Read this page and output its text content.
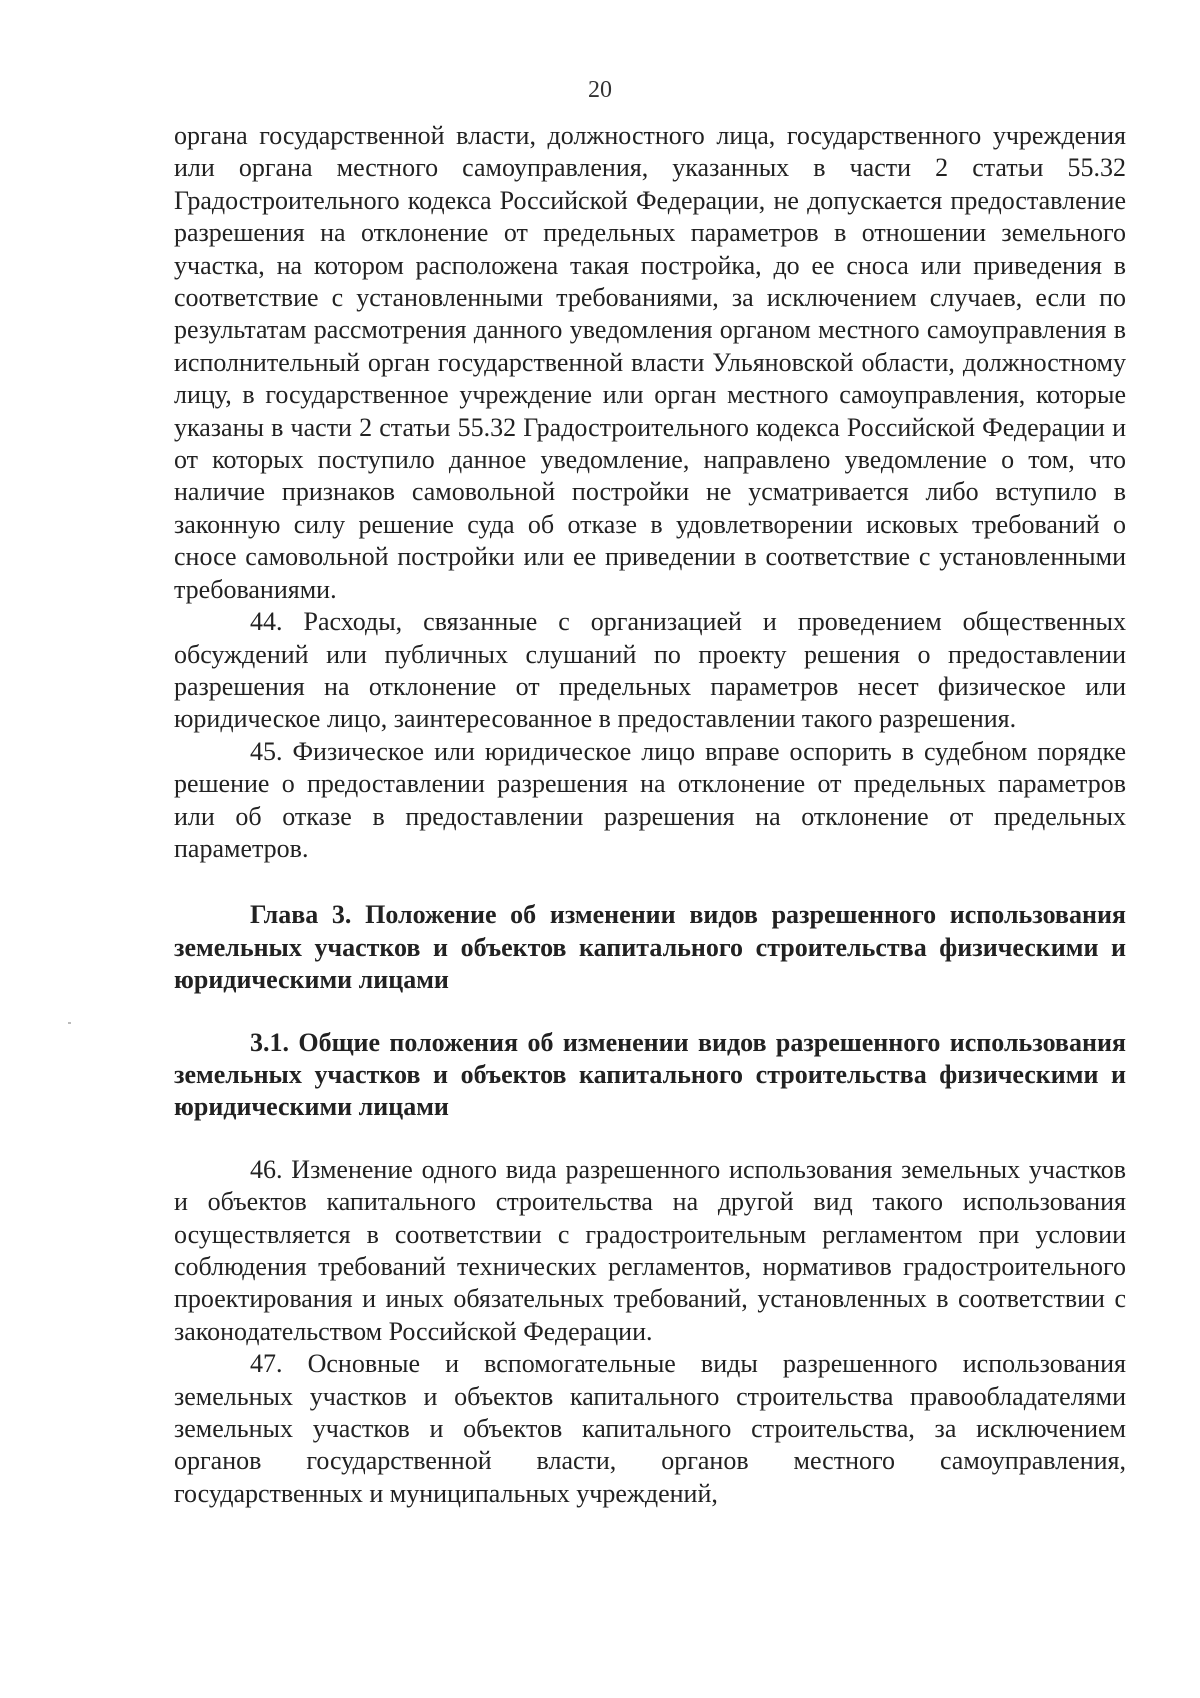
20

органа государственной власти, должностного лица, государственного учреждения или органа местного самоуправления, указанных в части 2 статьи 55.32 Градостроительного кодекса Российской Федерации, не допускается предоставление разрешения на отклонение от предельных параметров в отношении земельного участка, на котором расположена такая постройка, до ее сноса или приведения в соответствие с установленными требованиями, за исключением случаев, если по результатам рассмотрения данного уведомления органом местного самоуправления в исполнительный орган государственной власти Ульяновской области, должностному лицу, в государственное учреждение или орган местного самоуправления, которые указаны в части 2 статьи 55.32 Градостроительного кодекса Российской Федерации и от которых поступило данное уведомление, направлено уведомление о том, что наличие признаков самовольной постройки не усматривается либо вступило в законную силу решение суда об отказе в удовлетворении исковых требований о сносе самовольной постройки или ее приведении в соответствие с установленными требованиями.

44. Расходы, связанные с организацией и проведением общественных обсуждений или публичных слушаний по проекту решения о предоставлении разрешения на отклонение от предельных параметров несет физическое или юридическое лицо, заинтересованное в предоставлении такого разрешения.

45. Физическое или юридическое лицо вправе оспорить в судебном порядке решение о предоставлении разрешения на отклонение от предельных параметров или об отказе в предоставлении разрешения на отклонение от предельных параметров.

Глава 3. Положение об изменении видов разрешенного использования земельных участков и объектов капитального строительства физическими и юридическими лицами
3.1. Общие положения об изменении видов разрешенного использования земельных участков и объектов капитального строительства физическими и юридическими лицами

46. Изменение одного вида разрешенного использования земельных участков и объектов капитального строительства на другой вид такого использования осуществляется в соответствии с градостроительным регламентом при условии соблюдения требований технических регламентов, нормативов градостроительного проектирования и иных обязательных требований, установленных в соответствии с законодательством Российской Федерации.

47. Основные и вспомогательные виды разрешенного использования земельных участков и объектов капитального строительства правообладателями земельных участков и объектов капитального строительства, за исключением органов государственной власти, органов местного самоуправления, государственных и муниципальных учреждений,
